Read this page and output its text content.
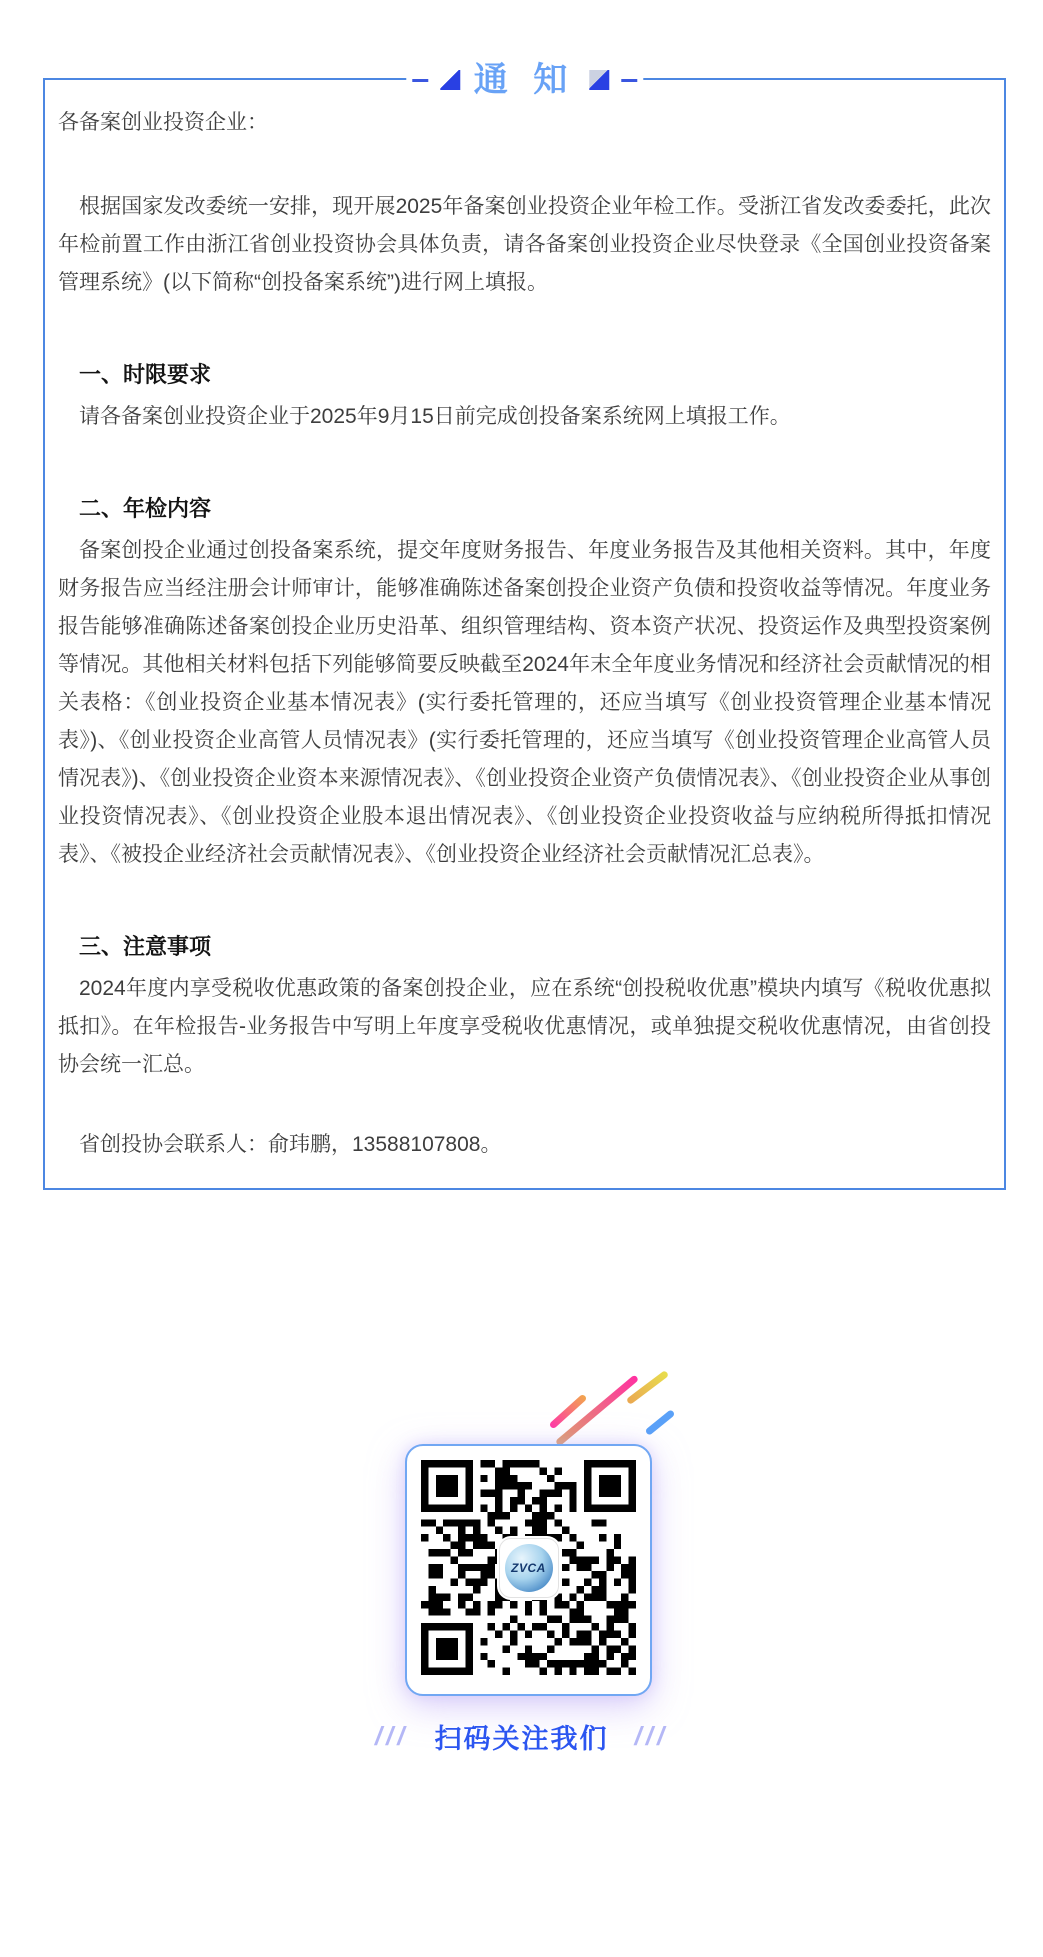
通 知

各备案创业投资企业：

根据国家发改委统一安排，现开展2025年备案创业投资企业年检工作。受浙江省发改委委托，此次年检前置工作由浙江省创业投资协会具体负责，请各备案创业投资企业尽快登录《全国创业投资备案管理系统》(以下简称“创投备案系统”)进行网上填报。

一、时限要求

请各备案创业投资企业于2025年9月15日前完成创投备案系统网上填报工作。

二、年检内容

备案创投企业通过创投备案系统，提交年度财务报告、年度业务报告及其他相关资料。其中，年度财务报告应当经注册会计师审计，能够准确陈述备案创投企业资产负债和投资收益等情况。年度业务报告能够准确陈述备案创投企业历史沿革、组织管理结构、资本资产状况、投资运作及典型投资案例等情况。其他相关材料包括下列能够简要反映截至2024年末全年度业务情况和经济社会贡献情况的相关表格：《创业投资企业基本情况表》(实行委托管理的，还应当填写《创业投资管理企业基本情况表》)、《创业投资企业高管人员情况表》(实行委托管理的，还应当填写《创业投资管理企业高管人员情况表》)、《创业投资企业资本来源情况表》、《创业投资企业资产负债情况表》、《创业投资企业从事创业投资情况表》、《创业投资企业股本退出情况表》、《创业投资企业投资收益与应纳税所得抵扣情况表》、《被投企业经济社会贡献情况表》、《创业投资企业经济社会贡献情况汇总表》。

三、注意事项

2024年度内享受税收优惠政策的备案创投企业，应在系统“创投税收优惠”模块内填写《税收优惠拟抵扣》。在年检报告-业务报告中写明上年度享受税收优惠情况，或单独提交税收优惠情况，由省创投协会统一汇总。

省创投协会联系人：俞玮鹏，13588107808。

ZVCA
/// 扫码关注我们 ///
